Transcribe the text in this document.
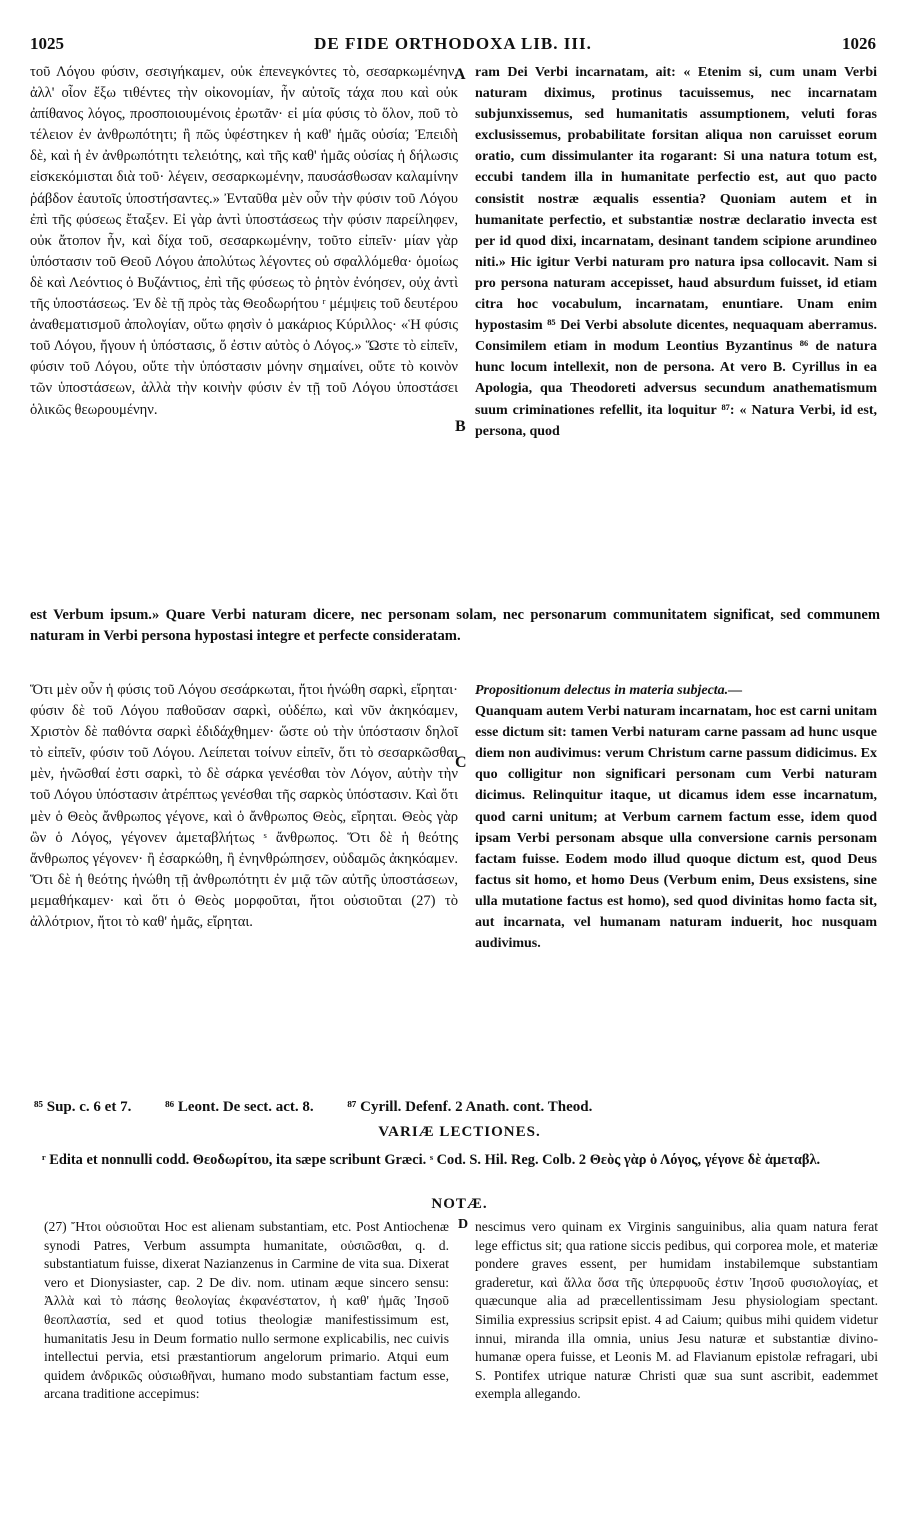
1025	DE FIDE ORTHODOXA LIB. III.	1026

τοῦ Λόγου φύσιν, σεσιγήκαμεν, οὐκ ἐπενεγκόντες τὸ, σεσαρκωμένην, ἀλλ' οἷον ἔξω τιθέντες τὴν οἰκονομίαν, ἦν αὐτοῖς τάχα που καὶ οὐκ ἀπίθανος λόγος, προσποιουμένοις ἐρωτᾶν· εἰ μία φύσις τὸ ὅλον, ποῦ τὸ τέλειον ἐν ἀνθρωπότητι; ἢ πῶς ὑφέστηκεν ἡ καθ' ἡμᾶς οὐσία; Ἐπειδὴ δὲ, καὶ ἡ ἐν ἀνθρωπότητι τελειότης, καὶ τῆς καθ' ἡμᾶς οὐσίας ἡ δήλωσις εἰσκεκόμισται διὰ τοῦ· λέγειν, σεσαρκωμένην, παυσάσθωσαν καλαμίνην ῥάβδον ἑαυτοῖς ὑποστήσαντες.» Ἐνταῦθα μὲν οὖν τὴν φύσιν τοῦ Λόγου ἐπὶ τῆς φύσεως ἔταξεν. Εἰ γὰρ ἀντὶ ὑποστάσεως τὴν φύσιν παρείληφεν, οὐκ ἄτοπον ἦν, καὶ δίχα τοῦ, σεσαρκωμένην, τοῦτο εἰπεῖν· μίαν γὰρ ὑπόστασιν τοῦ Θεοῦ Λόγου ἀπολύτως λέγοντες οὐ σφαλλόμεθα· ὁμοίως δὲ καὶ Λεόντιος ὁ Βυζάντιος, ἐπὶ τῆς φύσεως τὸ ῥητὸν ἐνόησεν, οὐχ ἀντὶ τῆς ὑποστάσεως. Ἐν δὲ τῇ πρὸς τὰς Θεοδωρήτου ʳ μέμψεις τοῦ δευτέρου ἀναθεματισμοῦ ἀπολογίαν, οὕτω φησὶν ὁ μακάριος Κύριλλος· «Ἡ φύσις τοῦ Λόγου, ἤγουν ἡ ὑπόστασις, ὅ ἐστιν αὐτὸς ὁ Λόγος.» Ὥστε τὸ εἰπεῖν, φύσιν τοῦ Λόγου, οὔτε τὴν ὑπόστασιν μόνην σημαίνει, οὔτε τὸ κοινὸν τῶν ὑποστάσεων, ἀλλὰ τὴν κοινὴν φύσιν ἐν τῇ τοῦ Λόγου ὑποστάσει ὁλικῶς θεωρουμένην.

A ram Dei Verbi incarnatam, ait: « Etenim si, cum unam Verbi naturam diximus, protinus tacuissemus, nec incarnatam subjunxissemus, sed humanitatis assumptionem, veluti foras exclusissemus, probabilitate forsitan aliqua non caruisset eorum oratio, cum dissimulanter ita rogarant: Si una natura totum est, eccubi tandem illa in humanitate perfectio est, aut quo pacto consistit nostræ æqualis essentia? Quoniam autem et in humanitate perfectio, et substantiæ nostræ declaratio invecta est per id quod dixi, incarnatam, desinant tandem scipione arundineo niti.» Hic igitur Verbi naturam pro natura ipsa collocavit. Nam si pro persona naturam accepisset, haud absurdum fuisset, id etiam citra hoc vocabulum, incarnatam, enuntiare. Unam enim hypostasim ⁸⁵ Dei Verbi absolute dicentes, nequaquam aberramus. Consimilem etiam in modum Leontius Byzantinus ⁸⁶ de natura hunc locum intellexit, non de persona. At vero B. Cyrillus in ea Apologia, qua Theodoreti adversus secundum anathematismum suum criminationes refellit, ita loquitur ⁸⁷: « Natura Verbi, id est, persona, quod

B
est Verbum ipsum.» Quare Verbi naturam dicere, nec personam solam, nec personarum communitatem significat, sed communem naturam in Verbi persona hypostasi integre et perfecte consideratam.

Ὅτι μὲν οὖν ἡ φύσις τοῦ Λόγου σεσάρκωται, ἤτοι ἡνώθη σαρκὶ, εἴρηται· φύσιν δὲ τοῦ Λόγου παθοῦσαν σαρκὶ, οὐδέπω, καὶ νῦν ἀκηκόαμεν, Χριστὸν δὲ παθόντα σαρκὶ ἐδιδάχθημεν· ὥστε οὐ τὴν ὑπόστασιν δηλοῖ τὸ εἰπεῖν, φύσιν τοῦ Λόγου. Λείπεται τοίνυν εἰπεῖν, ὅτι τὸ σεσαρκῶσθαι μὲν, ἡνῶσθαί ἐστι σαρκὶ, τὸ δὲ σάρκα γενέσθαι τὸν Λόγον, αὐτὴν τὴν τοῦ Λόγου ὑπόστασιν ἀτρέπτως γενέσθαι τῆς σαρκὸς ὑπόστασιν. Καὶ ὅτι μὲν ὁ Θεὸς ἄνθρωπος γέγονε, καὶ ὁ ἄνθρωπος Θεὸς, εἴρηται. Θεὸς γὰρ ὢν ὁ Λόγος, γέγονεν ἀμεταβλήτως ˢ ἄνθρωπος. Ὅτι δὲ ἡ θεότης ἄνθρωπος γέγονεν· ἢ ἐσαρκώθη, ἢ ἐνηνθρώπησεν, οὐδαμῶς ἀκηκόαμεν. Ὅτι δὲ ἡ θεότης ἡνώθη τῇ ἀνθρωπότητι ἐν μιᾷ τῶν αὐτῆς ὑποστάσεων, μεμαθήκαμεν· καὶ ὅτι ὁ Θεὸς μορφοῦται, ἤτοι οὐσιοῦται (27) τὸ ἀλλότριον, ἤτοι τὸ καθ' ἡμᾶς, εἴρηται.

C

Propositionum delectus in materia subjecta.—

Quanquam autem Verbi naturam incarnatam, hoc est carni unitam esse dictum sit: tamen Verbi naturam carne passam ad hunc usque diem non audivimus: verum Christum carne passum didicimus. Ex quo colligitur non significari personam cum Verbi naturam dicimus. Relinquitur itaque, ut dicamus idem esse incarnatum, quod carni unitum; at Verbum carnem factum esse, idem quod ipsam Verbi personam absque ulla conversione carnis personam factam fuisse. Eodem modo illud quoque dictum est, quod Deus factus sit homo, et homo Deus (Verbum enim, Deus exsistens, sine ulla mutatione factus est homo), sed quod divinitas homo facta sit, aut incarnata, vel humanam naturam induerit, hoc nusquam audivimus.

⁸⁵ Sup. c. 6 et 7. ⁸⁶ Leont. De sect. act. 8. ⁸⁷ Cyrill. Defenf. 2 Anath. cont. Theod.
VARIÆ LECTIONES.
ʳ Edita et nonnulli codd. Θεοδωρίτου, ita sæpe scribunt Græci. ˢ Cod. S. Hil. Reg. Colb. 2 Θεὸς γὰρ ὁ Λόγος, γέγονε δὲ ἀμεταβλ.
NOTÆ.
(27) Ἤτοι οὐσιοῦται Hoc est alienam substantiam, etc. Post Antiochenæ synodi Patres, Verbum assumpta humanitate, οὐσιῶσθαι, q. d. substantiatum fuisse, dixerat Nazianzenus in Carmine de vita sua. Dixerat vero et Dionysiaster, cap. 2 De div. nom. utinam æque sincero sensu: Ἀλλὰ καὶ τὸ πάσης θεολογίας ἐκφανέστατον, ἡ καθ' ἡμᾶς Ἰησοῦ θεοπλαστία, sed et quod totius theologiæ manifestissimum est, humanitatis Jesu in Deum formatio nullo sermone explicabilis, nec cuivis intellectui pervia, etsi præstantiorum angelorum primario. Atqui eum quidem ἀνδρικῶς οὐσιωθῆναι, humano modo substantiam factum esse, arcana traditione accepimus:
D nescimus vero quinam ex Virginis sanguinibus, alia quam natura ferat lege effictus sit; qua ratione siccis pedibus, qui corporea mole, et materiæ pondere graves essent, per humidam instabilemque substantiam graderetur, καὶ ἄλλα ὅσα τῆς ὑπερφυοῦς ἐστιν Ἰησοῦ φυσιολογίας, et quæcunque alia ad præcellentissimam Jesu physiologiam spectant. Similia expressius scripsit epist. 4 ad Caium; quibus mihi quidem videtur innui, miranda illa omnia, unius Jesu naturæ et substantiæ divino-humanæ opera fuisse, et Leonis M. ad Flavianum epistolæ refragari, ubi S. Pontifex utrique naturæ Christi quæ sua sunt ascribit, eademmet exempla allegando.
